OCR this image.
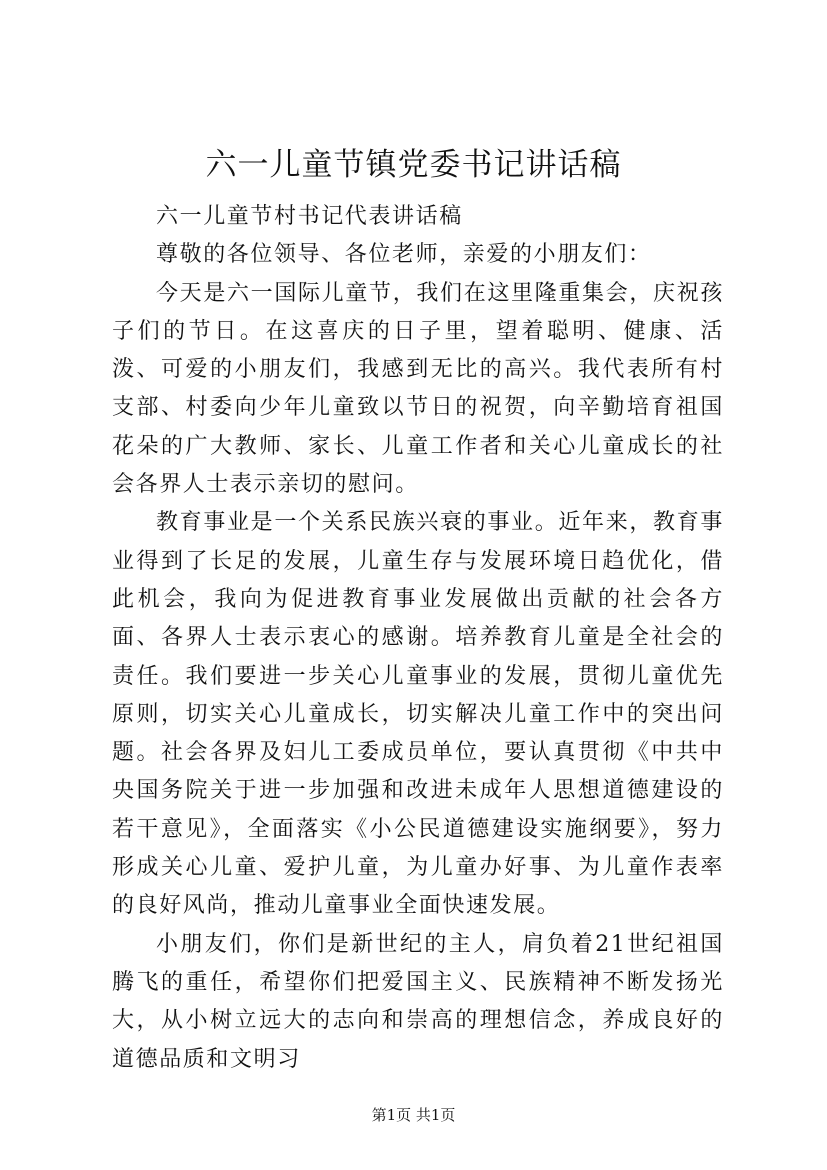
六一儿童节镇党委书记讲话稿

六一儿童节村书记代表讲话稿

尊敬的各位领导、各位老师，亲爱的小朋友们：

今天是六一国际儿童节，我们在这里隆重集会，庆祝孩子们的节日。在这喜庆的日子里，望着聪明、健康、活泼、可爱的小朋友们，我感到无比的高兴。我代表所有村支部、村委向少年儿童致以节日的祝贺，向辛勤培育祖国花朵的广大教师、家长、儿童工作者和关心儿童成长的社会各界人士表示亲切的慰问。

教育事业是一个关系民族兴衰的事业。近年来，教育事业得到了长足的发展，儿童生存与发展环境日趋优化，借此机会，我向为促进教育事业发展做出贡献的社会各方面、各界人士表示衷心的感谢。培养教育儿童是全社会的责任。我们要进一步关心儿童事业的发展，贯彻儿童优先原则，切实关心儿童成长，切实解决儿童工作中的突出问题。社会各界及妇儿工委成员单位，要认真贯彻《中共中央国务院关于进一步加强和改进未成年人思想道德建设的若干意见》，全面落实《小公民道德建设实施纲要》，努力形成关心儿童、爱护儿童，为儿童办好事、为儿童作表率的良好风尚，推动儿童事业全面快速发展。

小朋友们，你们是新世纪的主人，肩负着21世纪祖国腾飞的重任，希望你们把爱国主义、民族精神不断发扬光大，从小树立远大的志向和崇高的理想信念，养成良好的道德品质和文明习

第1页 共1页
